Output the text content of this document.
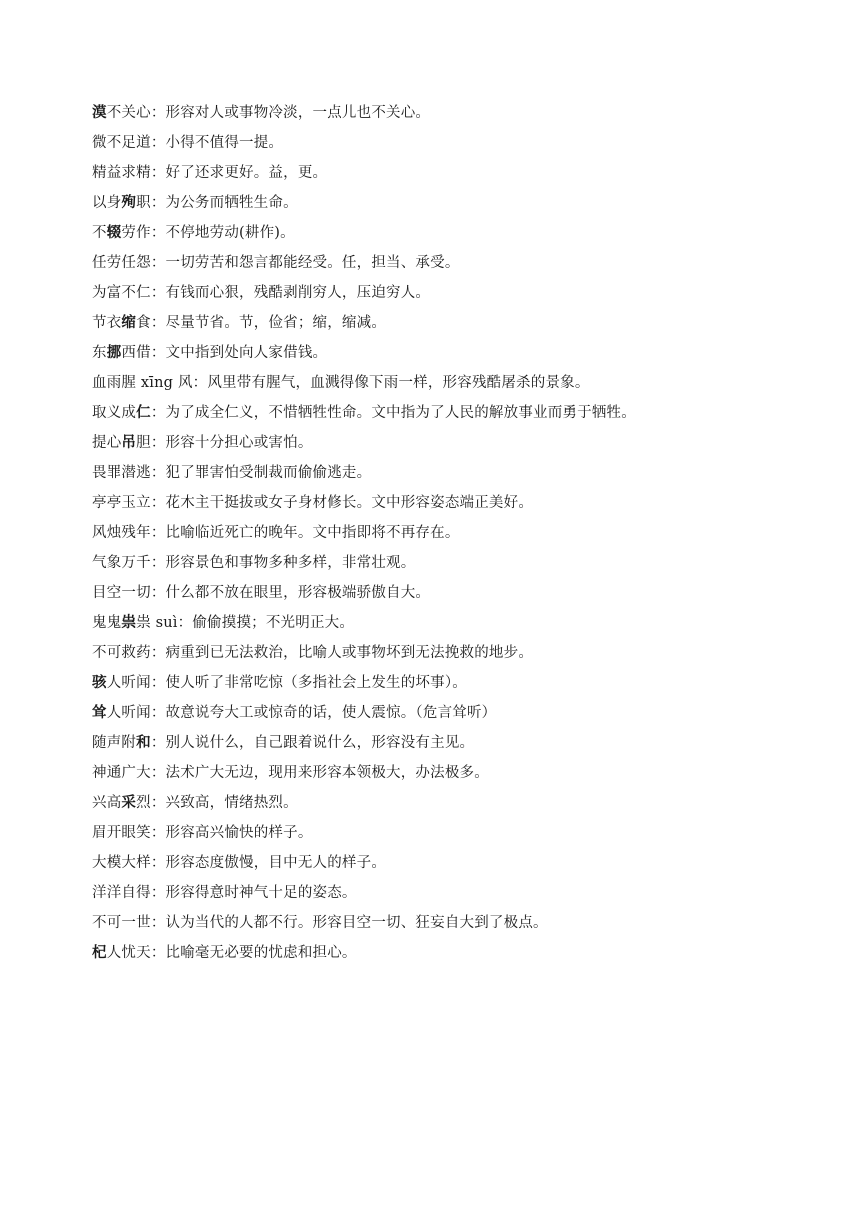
漠不关心：形容对人或事物冷淡，一点儿也不关心。
微不足道：小得不值得一提。
精益求精：好了还求更好。益，更。
以身殉职：为公务而牺牲生命。
不辍劳作：不停地劳动(耕作)。
任劳任怨：一切劳苦和怨言都能经受。任，担当、承受。
为富不仁：有钱而心狠，残酷剥削穷人，压迫穷人。
节衣缩食：尽量节省。节，俭省；缩，缩减。
东挪西借：文中指到处向人家借钱。
血雨腥 xīng 风：风里带有腥气，血溅得像下雨一样，形容残酷屠杀的景象。
取义成仁：为了成全仁义，不惜牺牲性命。文中指为了人民的解放事业而勇于牺牲。
提心吊胆：形容十分担心或害怕。
畏罪潜逃：犯了罪害怕受制裁而偷偷逃走。
亭亭玉立：花木主干挺拔或女子身材修长。文中形容姿态端正美好。
风烛残年：比喻临近死亡的晚年。文中指即将不再存在。
气象万千：形容景色和事物多种多样，非常壮观。
目空一切：什么都不放在眼里，形容极端骄傲自大。
鬼鬼祟祟 suì：偷偷摸摸；不光明正大。
不可救药：病重到已无法救治，比喻人或事物坏到无法挽救的地步。
骇人听闻：使人听了非常吃惊（多指社会上发生的坏事）。
耸人听闻：故意说夸大工或惊奇的话，使人震惊。（危言耸听）
随声附和：别人说什么，自己跟着说什么，形容没有主见。
神通广大：法术广大无边，现用来形容本领极大，办法极多。
兴高采烈：兴致高，情绪热烈。
眉开眼笑：形容高兴愉快的样子。
大模大样：形容态度傲慢，目中无人的样子。
洋洋自得：形容得意时神气十足的姿态。
不可一世：认为当代的人都不行。形容目空一切、狂妄自大到了极点。
杞人忧天：比喻毫无必要的忧虑和担心。
